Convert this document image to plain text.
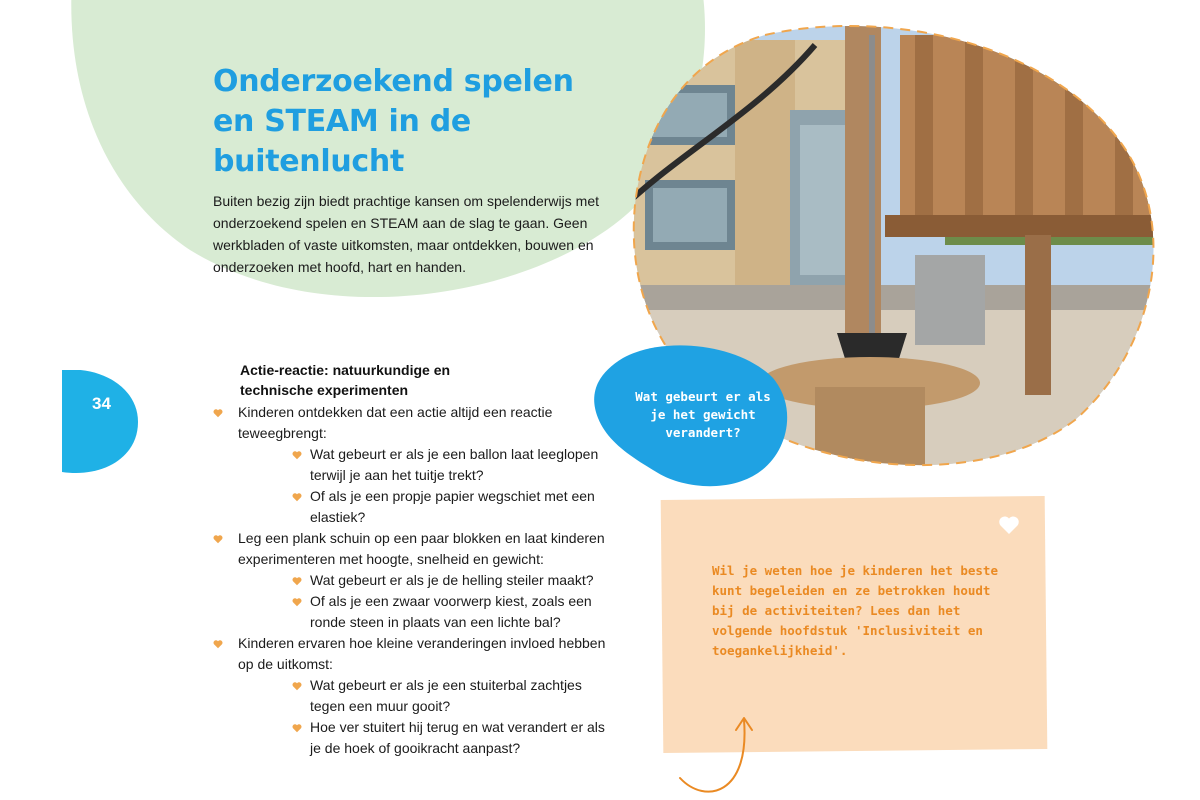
Onderzoekend spelen en STEAM in de buitenlucht

Buiten bezig zijn biedt prachtige kansen om spelenderwijs met onderzoekend spelen en STEAM aan de slag te gaan. Geen werkbladen of vaste uitkomsten, maar ontdekken, bouwen en onderzoeken met hoofd, hart en handen.

34
Actie-reactie: natuurkundige en technische experimenten
Kinderen ontdekken dat een actie altijd een reactie teweegbrengt:
Wat gebeurt er als je een ballon laat leeglopen terwijl je aan het tuitje trekt?
Of als je een propje papier wegschiet met een elastiek?
Leg een plank schuin op een paar blokken en laat kinderen experimenteren met hoogte, snelheid en gewicht:
Wat gebeurt er als je de helling steiler maakt?
Of als je een zwaar voorwerp kiest, zoals een ronde steen in plaats van een lichte bal?
Kinderen ervaren hoe kleine veranderingen invloed hebben op de uitkomst:
Wat gebeurt er als je een stuiterbal zachtjes tegen een muur gooit?
Hoe ver stuitert hij terug en wat verandert er als je de hoek of gooikracht aanpast?

Wat gebeurt er als je het gewicht verandert?

Wil je weten hoe je kinderen het beste kunt begeleiden en ze betrokken houdt bij de activiteiten? Lees dan het volgende hoofdstuk 'Inclusiviteit en toegankelijkheid'.
